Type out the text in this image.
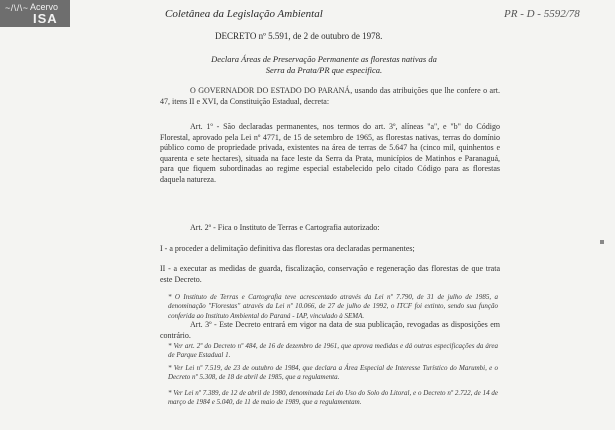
~/\/\~ Acervo
ISA	Coletânea da Legislação Ambiental	PR - D - 5592/78
DECRETO nº 5.591, de 2 de outubro de 1978.
Declara Áreas de Preservação Permanente as florestas nativas da Serra da Prata/PR que especifica.
O GOVERNADOR DO ESTADO DO PARANÁ, usando das atribuições que lhe confere o art. 47, itens II e XVI, da Constituição Estadual, decreta:
Art. 1º - São declaradas permanentes, nos termos do art. 3º, alíneas "a", e "b" do Código Florestal, aprovado pela Lei nº 4771, de 15 de setembro de 1965, as florestas nativas, terras do domínio público como de propriedade privada, existentes na área de terras de 5.647 ha (cinco mil, quinhentos e quarenta e sete hectares), situada na face leste da Serra da Prata, municípios de Matinhos e Paranaguá, para que fiquem subordinadas ao regime especial estabelecido pelo citado Código para as florestas daquela natureza.
Art. 2º - Fica o Instituto de Terras e Cartografia autorizado:
I - a proceder a delimitação definitiva das florestas ora declaradas permanentes;
II - a executar as medidas de guarda, fiscalização, conservação e regeneração das florestas de que trata este Decreto.
* O Instituto de Terras e Cartografia teve acrescentado através da Lei nº 7.790, de 31 de julho de 1985, a denominação "Florestas" através da Lei nº 10.066, de 27 de julho de 1992, o ITCF foi extinto, sendo sua função conferida ao Instituto Ambiental do Paraná - IAP, vinculado à SEMA.
Art. 3º - Este Decreto entrará em vigor na data de sua publicação, revogadas as disposições em contrário.
* Ver art. 2º do Decreto nº 484, de 16 de dezembro de 1961, que aprova medidas e dá outras especificações da área de Parque Estadual 1.
* Ver Lei nº 7.519, de 23 de outubro de 1984, que declara a Área Especial de Interesse Turístico do Marumbi, e o Decreto nº 5.308, de 18 de abril de 1985, que a regulamenta.
* Ver Lei nº 7.389, de 12 de abril de 1980, denominada Lei do Uso do Solo do Litoral, e o Decreto nº 2.722, de 14 de março de 1984 e 5.040, de 11 de maio de 1989, que a regulamentam.
